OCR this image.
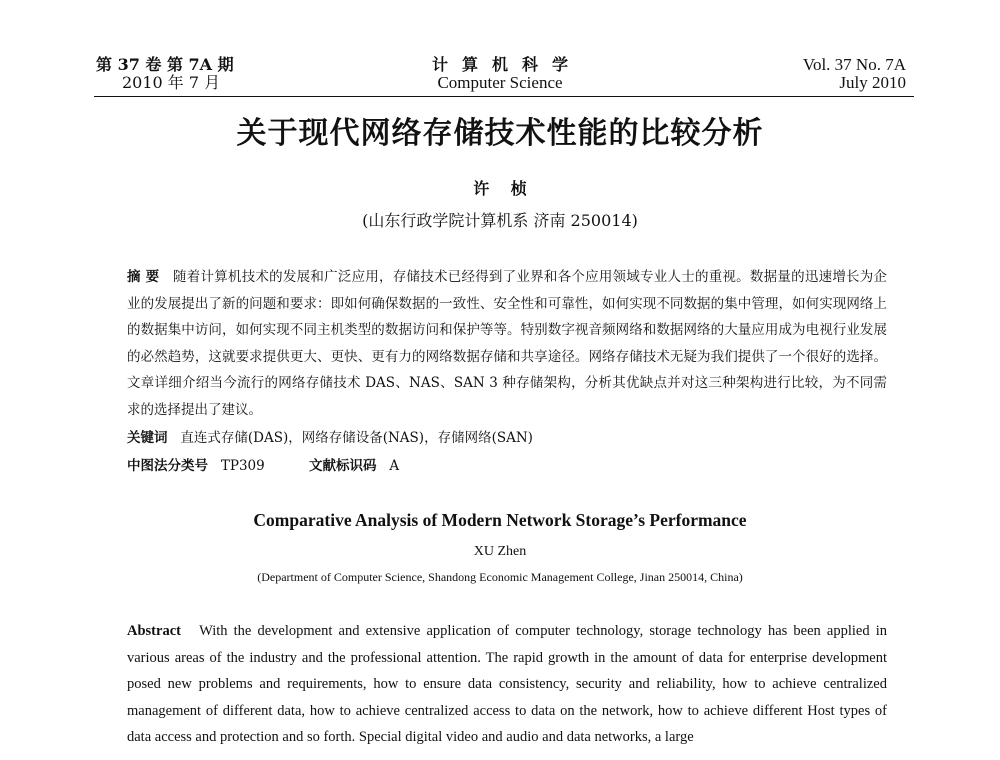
第 37 卷 第 7A 期
2010 年 7 月
计算机科学
Computer Science
Vol. 37 No. 7A
July 2010
关于现代网络存储技术性能的比较分析
许 桢
(山东行政学院计算机系 济南 250014)
摘 要 随着计算机技术的发展和广泛应用，存储技术已经得到了业界和各个应用领域专业人士的重视。数据量的迅速增长为企业的发展提出了新的问题和要求：即如何确保数据的一致性、安全性和可靠性，如何实现不同数据的集中管理，如何实现网络上的数据集中访问，如何实现不同主机类型的数据访问和保护等等。特别数字视音频网络和数据网络的大量应用成为电视行业发展的必然趋势，这就要求提供更大、更快、更有力的网络数据存储和共享途径。网络存储技术无疑为我们提供了一个很好的选择。文章详细介绍当今流行的网络存储技术 DAS、NAS、SAN 3 种存储架构，分析其优缺点并对这三种架构进行比较，为不同需求的选择提出了建议。
关键词 直连式存储(DAS)，网络存储设备(NAS)，存储网络(SAN)
中图法分类号 TP309	文献标识码 A
Comparative Analysis of Modern Network Storage’s Performance
XU Zhen
(Department of Computer Science, Shandong Economic Management College, Jinan 250014, China)
Abstract With the development and extensive application of computer technology, storage technology has been applied in various areas of the industry and the professional attention. The rapid growth in the amount of data for enterprise development posed new problems and requirements, how to ensure data consistency, security and reliability, how to achieve centralized management of different data, how to achieve centralized access to data on the network, how to achieve different Host types of data access and protection and so forth. Special digital video and audio and data networks, a large
